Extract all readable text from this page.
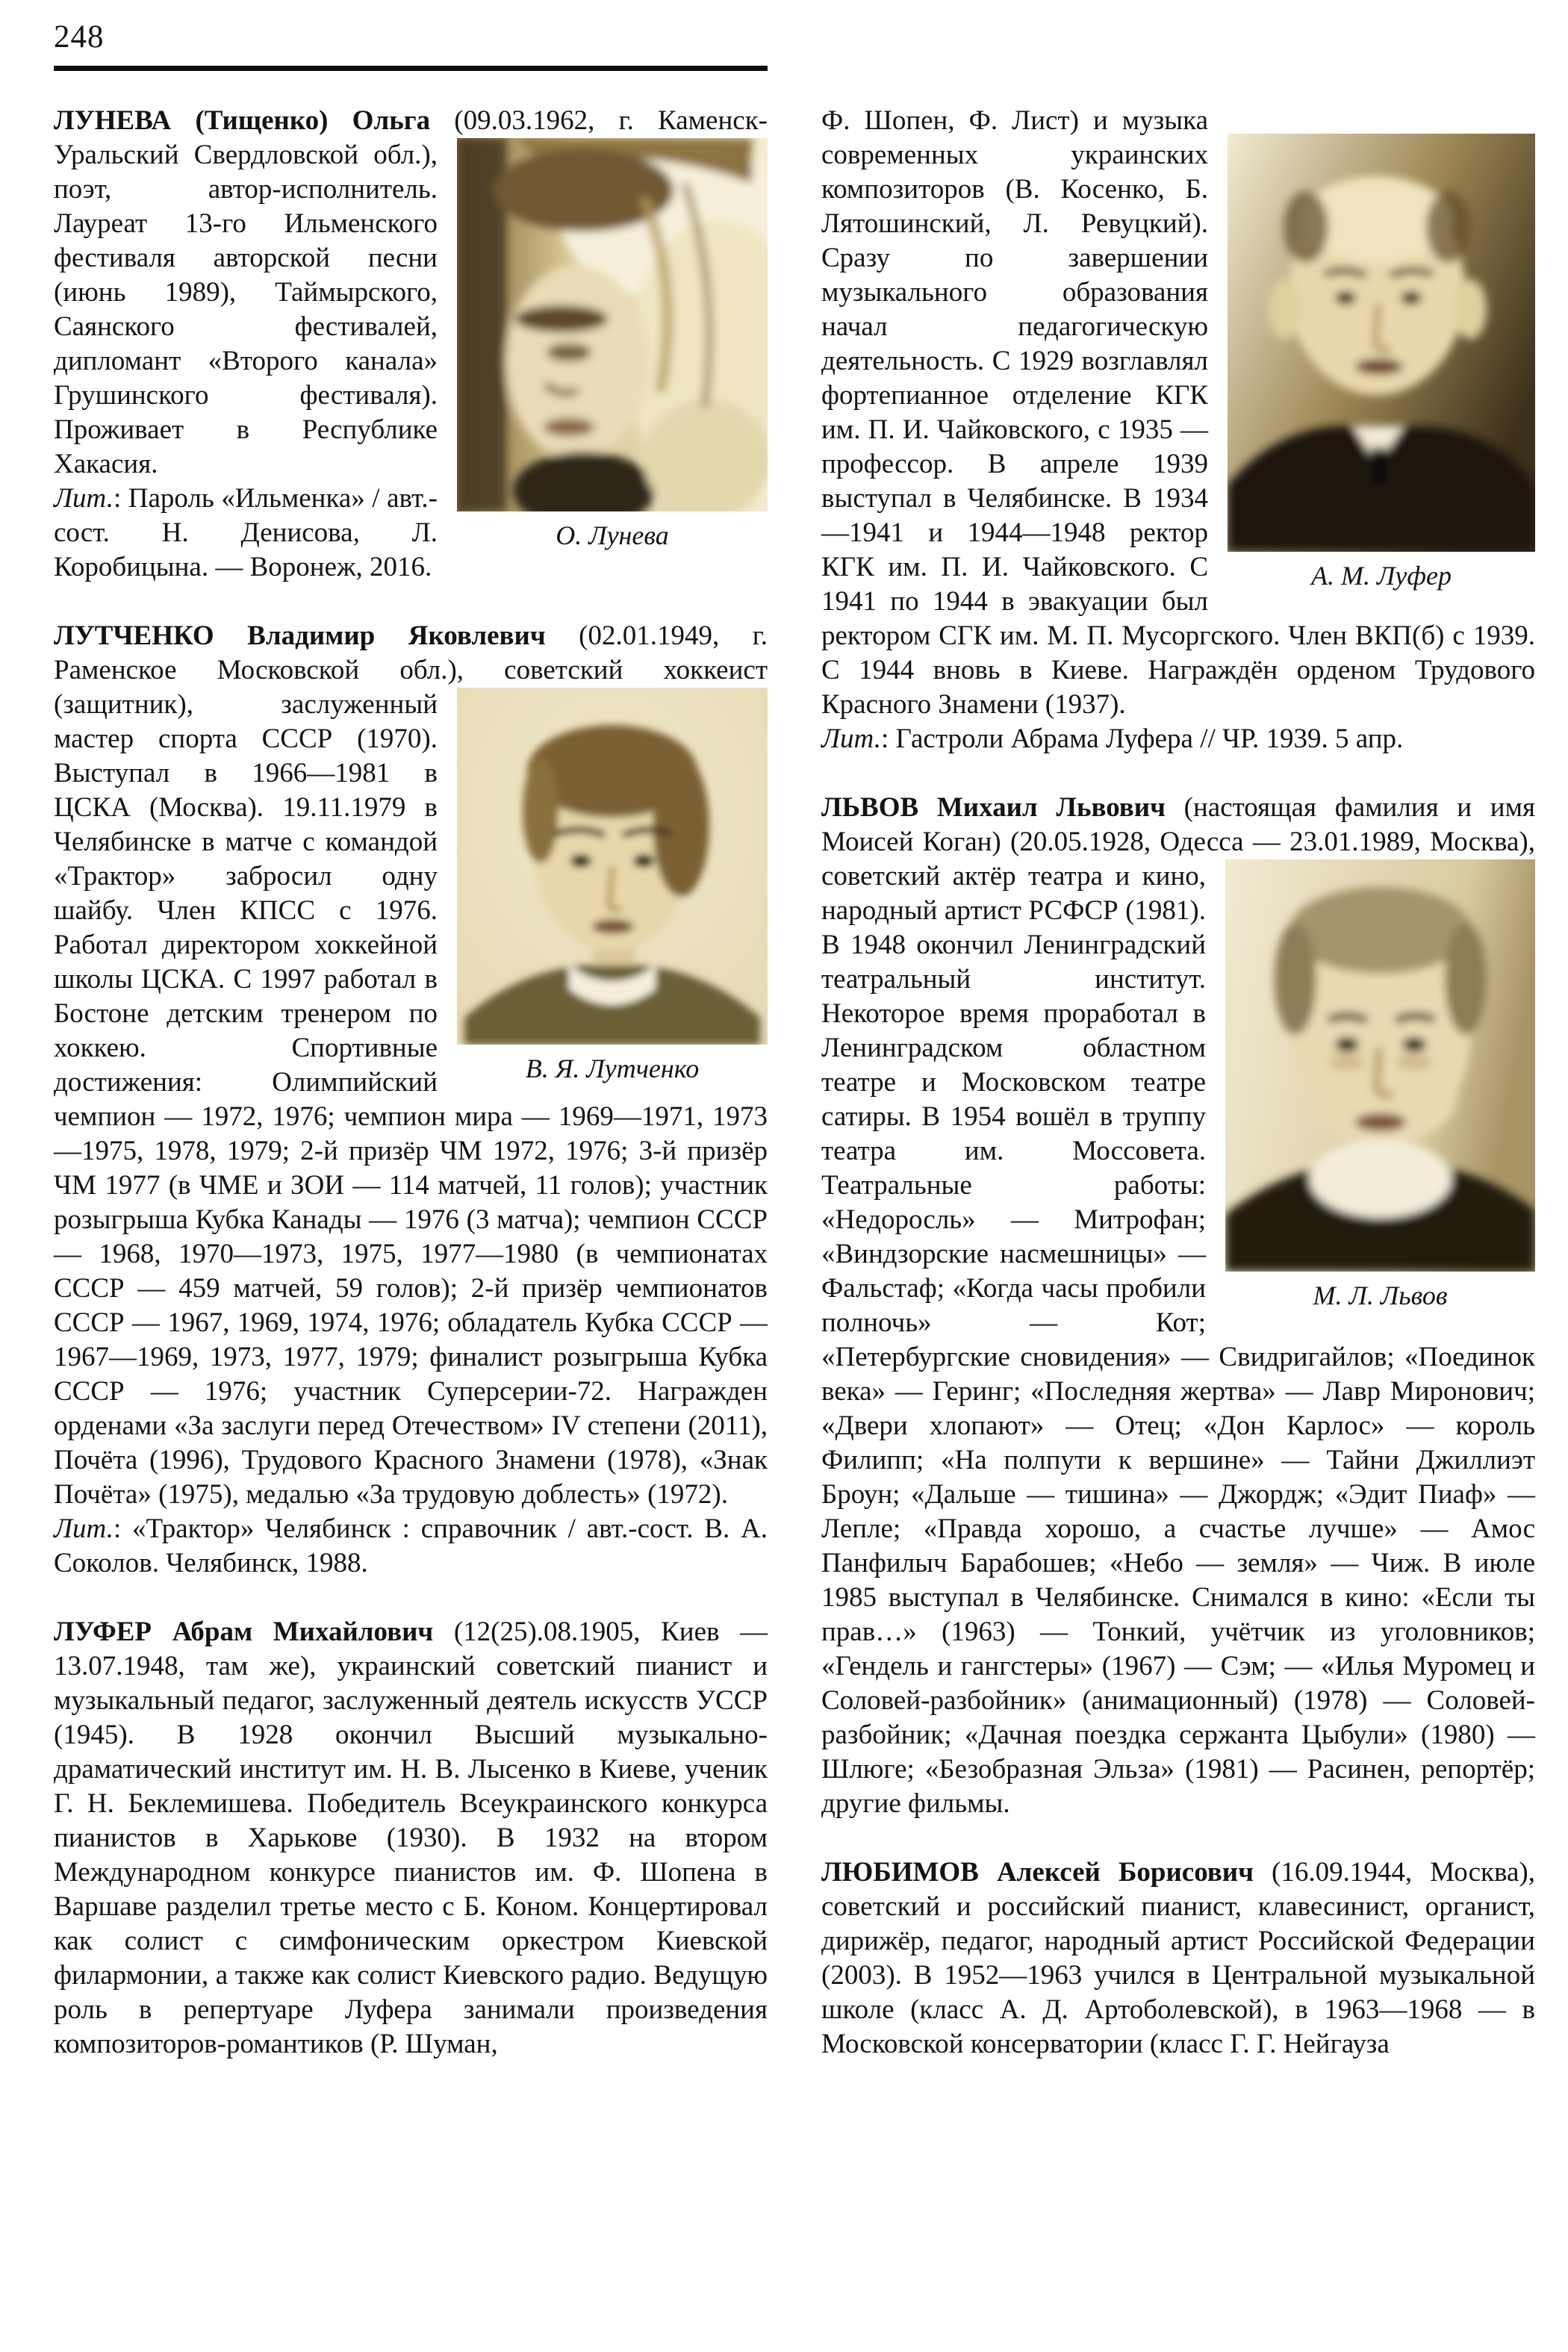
248
О. Лунева
ЛУНЕВА (Тищенко) Ольга (09.03.1962, г. Каменск-Уральский Свердловской обл.), поэт, автор-исполнитель. Лауреат 13-го Ильменского фестиваля авторской песни (июнь 1989), Таймырского, Саянского фестивалей, дипломант «Второго канала» Грушинского фестиваля). Проживает в Республике Хакасия.
Лит.: Пароль «Ильменка» / авт.-сост. Н. Денисова, Л. Коробицына. — Воронеж, 2016.
В. Я. Лутченко
ЛУТЧЕНКО Владимир Яковлевич (02.01.1949, г. Раменское Московской обл.), советский хоккеист (защитник), заслуженный мастер спорта СССР (1970). Выступал в 1966—1981 в ЦСКА (Москва). 19.11.1979 в Челябинске в матче с командой «Трактор» забросил одну шайбу. Член КПСС с 1976. Работал директором хоккейной школы ЦСКА. С 1997 работал в Бостоне детским тренером по хоккею. Спортивные достижения: Олимпийский чемпион — 1972, 1976; чемпион мира — 1969—1971, 1973—1975, 1978, 1979; 2-й призёр ЧМ 1972, 1976; 3-й призёр ЧМ 1977 (в ЧМЕ и ЗОИ — 114 матчей, 11 голов); участник розыгрыша Кубка Канады — 1976 (3 матча); чемпион СССР — 1968, 1970—1973, 1975, 1977—1980 (в чемпионатах СССР — 459 матчей, 59 голов); 2-й призёр чемпионатов СССР — 1967, 1969, 1974, 1976; обладатель Кубка СССР — 1967—1969, 1973, 1977, 1979; финалист розыгрыша Кубка СССР — 1976; участник Суперсерии-72. Награжден орденами «За заслуги перед Отечеством» IV степени (2011), Почёта (1996), Трудового Красного Знамени (1978), «Знак Почёта» (1975), медалью «За трудовую доблесть» (1972).
Лит.: «Трактор» Челябинск : справочник / авт.-сост. В. А. Соколов. Челябинск, 1988.
ЛУФЕР Абрам Михайлович (12(25).08.1905, Киев — 13.07.1948, там же), украинский советский пианист и музыкальный педагог, заслуженный деятель искусств УССР (1945). В 1928 окончил Высший музыкально-драматический институт им. Н. В. Лысенко в Киеве, ученик Г. Н. Беклемишева. Победитель Всеукраинского конкурса пианистов в Харькове (1930). В 1932 на втором Международном конкурсе пианистов им. Ф. Шопена в Варшаве разделил третье место с Б. Коном. Концертировал как солист с симфоническим оркестром Киевской филармонии, а также как солист Киевского радио. Ведущую роль в репертуаре Луфера занимали произведения композиторов-романтиков (Р. Шуман,
А. М. Луфер
Ф. Шопен, Ф. Лист) и музыка современных украинских композиторов (В. Косенко, Б. Лятошинский, Л. Ревуцкий). Сразу по завершении музыкального образования начал педагогическую деятельность. С 1929 возглавлял фортепианное отделение КГК им. П. И. Чайковского, с 1935 — профессор. В апреле 1939 выступал в Челябинске. В 1934—1941 и 1944—1948 ректор КГК им. П. И. Чайковского. С 1941 по 1944 в эвакуации был ректором СГК им. М. П. Мусоргского. Член ВКП(б) с 1939. С 1944 вновь в Киеве. Награждён орденом Трудового Красного Знамени (1937).
Лит.: Гастроли Абрама Луфера // ЧР. 1939. 5 апр.
М. Л. Львов
ЛЬВОВ Михаил Львович (настоящая фамилия и имя Моисей Коган) (20.05.1928, Одесса — 23.01.1989, Москва), советский актёр театра и кино, народный артист РСФСР (1981). В 1948 окончил Ленинградский театральный институт. Некоторое время проработал в Ленинградском областном театре и Московском театре сатиры. В 1954 вошёл в труппу театра им. Моссовета. Театральные работы: «Недоросль» — Митрофан; «Виндзорские насмешницы» — Фальстаф; «Когда часы пробили полночь» — Кот; «Петербургские сновидения» — Свидригайлов; «Поединок века» — Геринг; «Последняя жертва» — Лавр Миронович; «Двери хлопают» — Отец; «Дон Карлос» — король Филипп; «На полпути к вершине» — Тайни Джиллиэт Броун; «Дальше — тишина» — Джордж; «Эдит Пиаф» — Лепле; «Правда хорошо, а счастье лучше» — Амос Панфилыч Барабошев; «Небо — земля» — Чиж. В июле 1985 выступал в Челябинске. Снимался в кино: «Если ты прав…» (1963) — Тонкий, учётчик из уголовников; «Гендель и гангстеры» (1967) — Сэм; — «Илья Муромец и Соловей-разбойник» (анимационный) (1978) — Соловей-разбойник; «Дачная поездка сержанта Цыбули» (1980) — Шлюге; «Безобразная Эльза» (1981) — Расинен, репортёр; другие фильмы.
ЛЮБИМОВ Алексей Борисович (16.09.1944, Москва), советский и российский пианист, клавесинист, органист, дирижёр, педагог, народный артист Российской Федерации (2003). В 1952—1963 учился в Центральной музыкальной школе (класс А. Д. Артоболевской), в 1963—1968 — в Московской консерватории (класс Г. Г. Нейгауза
